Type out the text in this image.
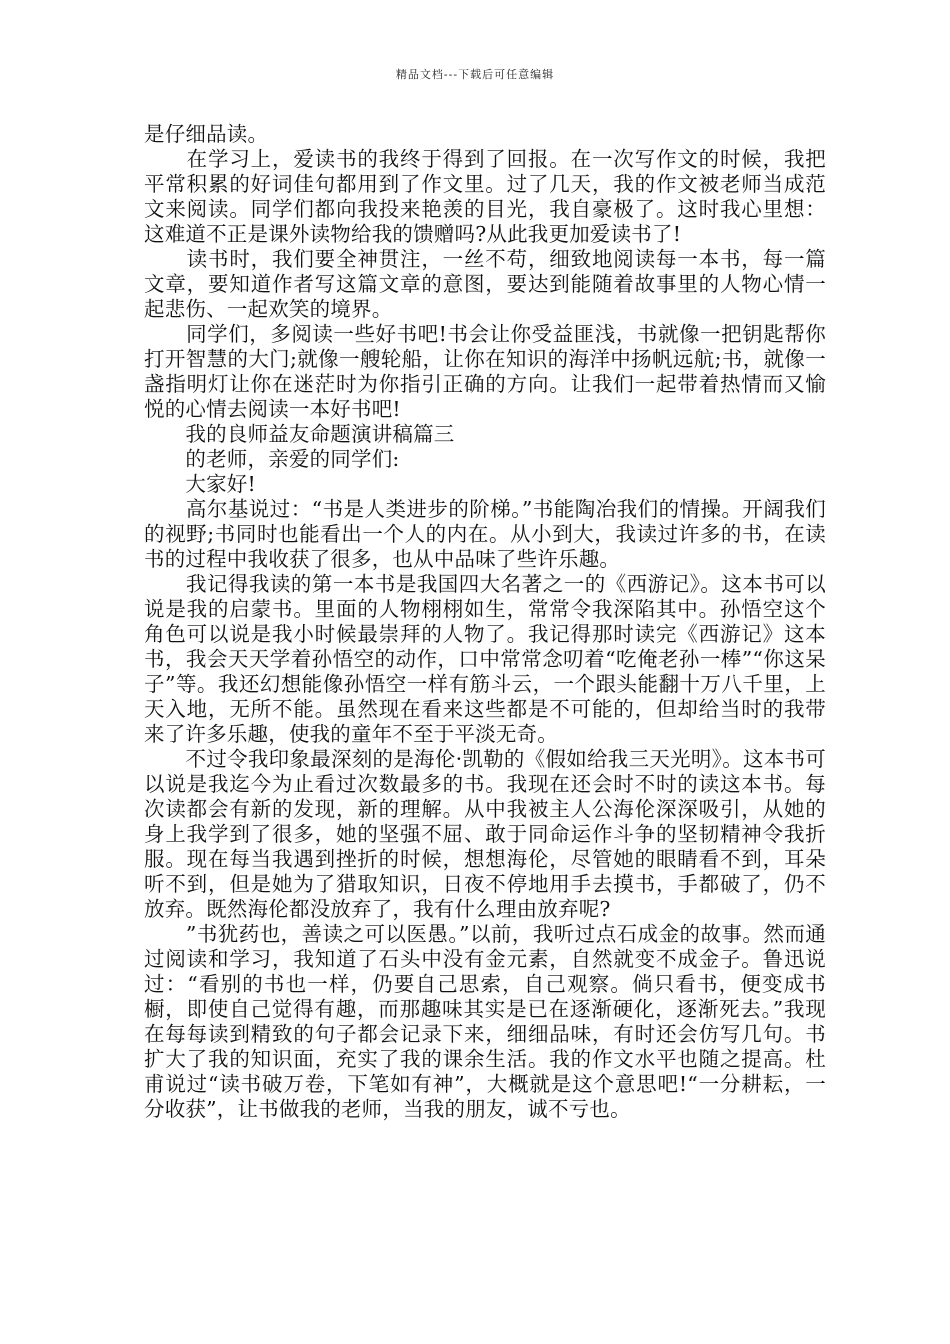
精品文档---下载后可任意编辑

是仔细品读。

　　在学习上，爱读书的我终于得到了回报。在一次写作文的时候，我把平常积累的好词佳句都用到了作文里。过了几天，我的作文被老师当成范文来阅读。同学们都向我投来艳羡的目光，我自豪极了。这时我心里想：这难道不正是课外读物给我的馈赠吗?从此我更加爱读书了!

　　读书时，我们要全神贯注，一丝不苟，细致地阅读每一本书，每一篇文章，要知道作者写这篇文章的意图，要达到能随着故事里的人物心情一起悲伤、一起欢笑的境界。

　　同学们，多阅读一些好书吧!书会让你受益匪浅，书就像一把钥匙帮你打开智慧的大门;就像一艘轮船，让你在知识的海洋中扬帆远航;书，就像一盏指明灯让你在迷茫时为你指引正确的方向。让我们一起带着热情而又愉悦的心情去阅读一本好书吧!

　　我的良师益友命题演讲稿篇三

　　的老师，亲爱的同学们:

　　大家好!

　　高尔基说过：“书是人类进步的阶梯。”书能陶冶我们的情操。开阔我们的视野;书同时也能看出一个人的内在。从小到大，我读过许多的书，在读书的过程中我收获了很多，也从中品味了些许乐趣。

　　我记得我读的第一本书是我国四大名著之一的《西游记》。这本书可以说是我的启蒙书。里面的人物栩栩如生，常常令我深陷其中。孙悟空这个角色可以说是我小时候最崇拜的人物了。我记得那时读完《西游记》这本书，我会天天学着孙悟空的动作，口中常常念叨着“吃俺老孙一棒”“你这呆子”等。我还幻想能像孙悟空一样有筋斗云，一个跟头能翻十万八千里，上天入地，无所不能。虽然现在看来这些都是不可能的，但却给当时的我带来了许多乐趣，使我的童年不至于平淡无奇。

　　不过令我印象最深刻的是海伦·凯勒的《假如给我三天光明》。这本书可以说是我迄今为止看过次数最多的书。我现在还会时不时的读这本书。每次读都会有新的发现，新的理解。从中我被主人公海伦深深吸引，从她的身上我学到了很多，她的坚强不屈、敢于同命运作斗争的坚韧精神令我折服。现在每当我遇到挫折的时候，想想海伦，尽管她的眼睛看不到，耳朵听不到，但是她为了猎取知识，日夜不停地用手去摸书，手都破了，仍不放弃。既然海伦都没放弃了，我有什么理由放弃呢?

　　”书犹药也，善读之可以医愚。”以前，我听过点石成金的故事。然而通过阅读和学习，我知道了石头中没有金元素，自然就变不成金子。鲁迅说过：“看别的书也一样，仍要自己思索，自己观察。倘只看书，便变成书橱，即使自己觉得有趣，而那趣味其实是已在逐渐硬化，逐渐死去。”我现在每每读到精致的句子都会记录下来，细细品味，有时还会仿写几句。书扩大了我的知识面，充实了我的课余生活。我的作文水平也随之提高。杜甫说过“读书破万卷，下笔如有神”，大概就是这个意思吧!“一分耕耘，一分收获”，让书做我的老师，当我的朋友，诚不亏也。
